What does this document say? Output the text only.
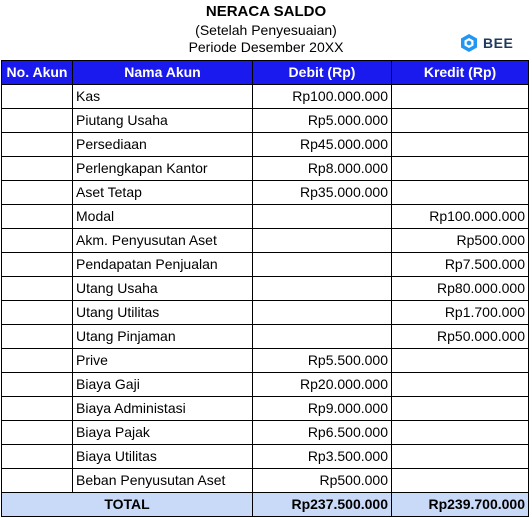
NERACA SALDO
(Setelah Penyesuaian)
Periode Desember 20XX	BEE
No. Akun	Nama Akun	Debit (Rp)	Kredit (Rp)
	Kas	Rp100.000.000	
	Piutang Usaha	Rp5.000.000	
	Persediaan	Rp45.000.000	
	Perlengkapan Kantor	Rp8.000.000	
	Aset Tetap	Rp35.000.000	
	Modal		Rp100.000.000
	Akm. Penyusutan Aset		Rp500.000
	Pendapatan Penjualan		Rp7.500.000
	Utang Usaha		Rp80.000.000
	Utang Utilitas		Rp1.700.000
	Utang Pinjaman		Rp50.000.000
	Prive	Rp5.500.000	
	Biaya Gaji	Rp20.000.000	
	Biaya Administasi	Rp9.000.000	
	Biaya Pajak	Rp6.500.000	
	Biaya Utilitas	Rp3.500.000	
	Beban Penyusutan Aset	Rp500.000	
TOTAL		Rp237.500.000	Rp239.700.000
